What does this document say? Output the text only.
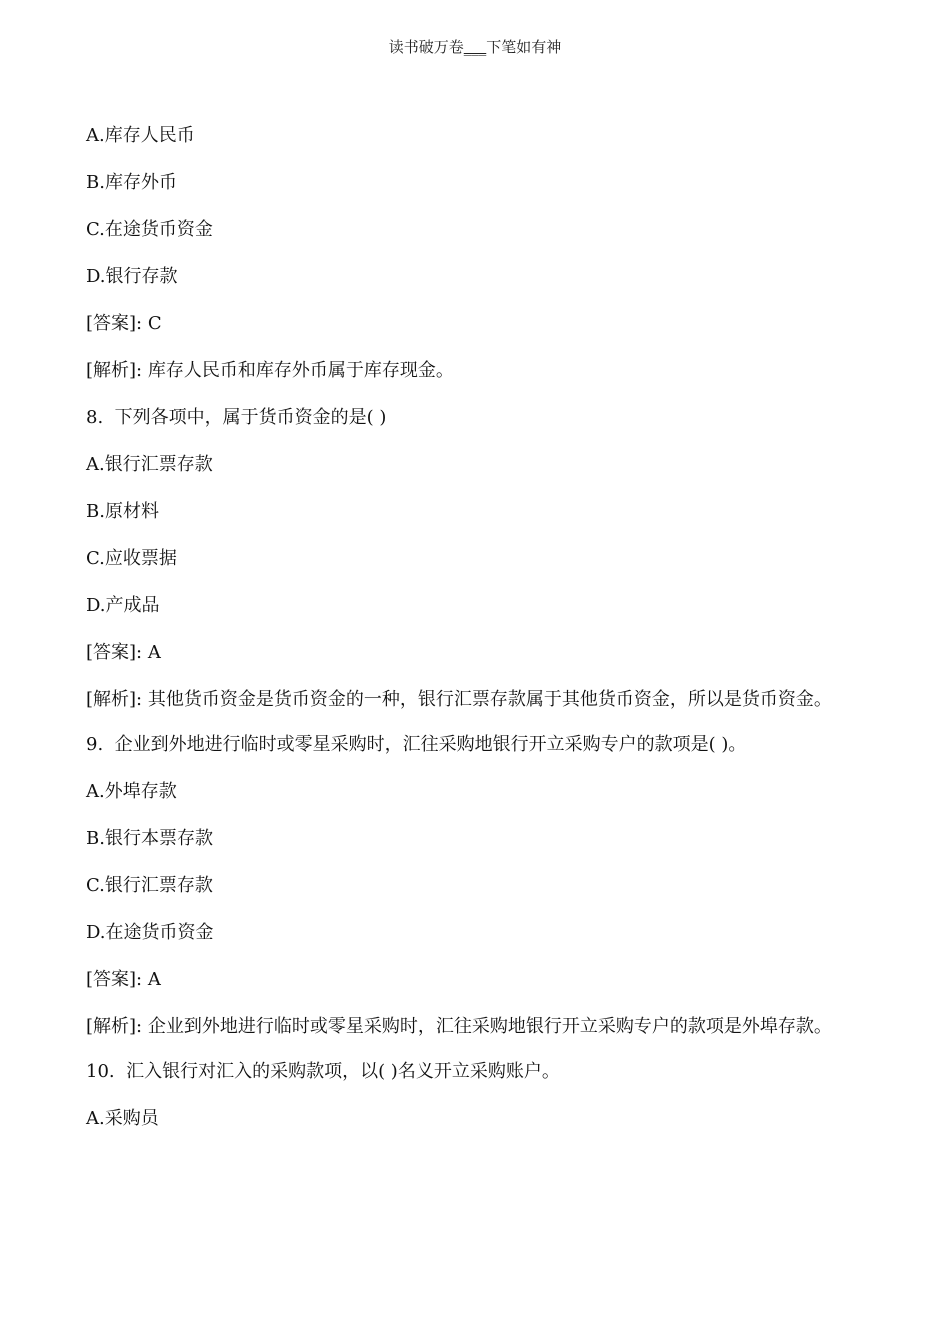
读书破万卷___下笔如有神
A.库存人民币
B.库存外币
C.在途货币资金
D.银行存款
[答案]: C
[解析]: 库存人民币和库存外币属于库存现金。
8.  下列各项中，属于货币资金的是( )
A.银行汇票存款
B.原材料
C.应收票据
D.产成品
[答案]: A
[解析]: 其他货币资金是货币资金的一种，银行汇票存款属于其他货币资金，所以是货币资金。
9.  企业到外地进行临时或零星采购时，汇往采购地银行开立采购专户的款项是( )。
A.外埠存款
B.银行本票存款
C.银行汇票存款
D.在途货币资金
[答案]: A
[解析]: 企业到外地进行临时或零星采购时，汇往采购地银行开立采购专户的款项是外埠存款。
10.  汇入银行对汇入的采购款项，以( )名义开立采购账户。
A.采购员
